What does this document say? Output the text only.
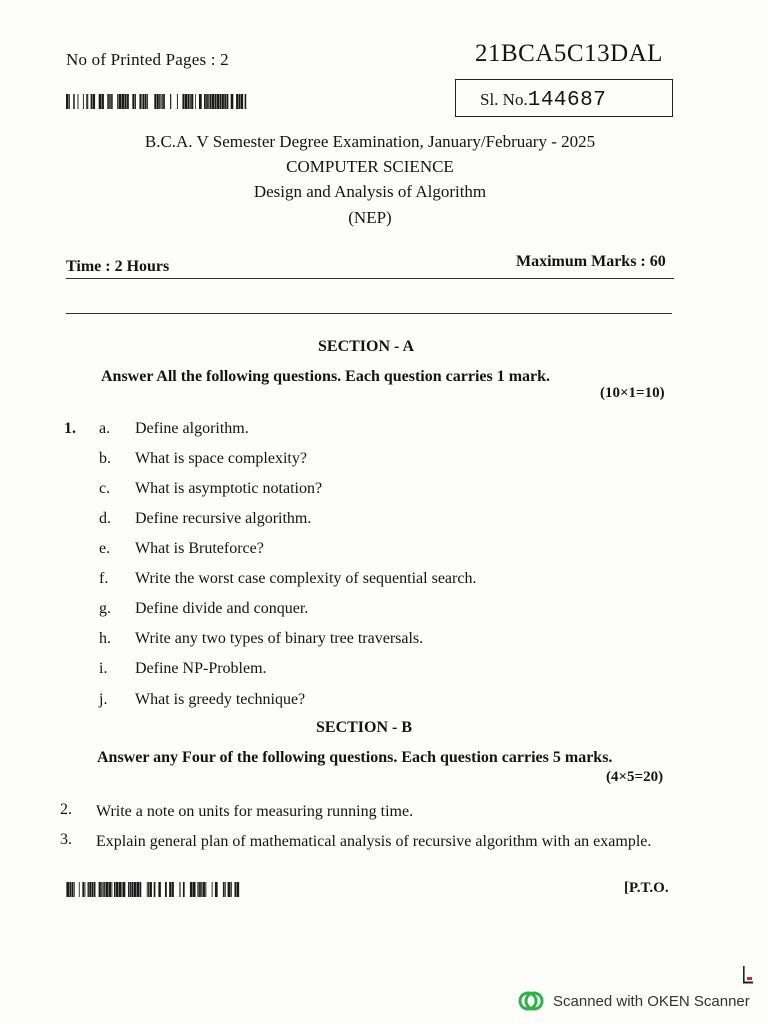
No of Printed Pages : 2	21BCA5C13DAL
Sl. No.144687
B.C.A. V Semester Degree Examination, January/February - 2025
COMPUTER SCIENCE
Design and Analysis of Algorithm
(NEP)
Time : 2 Hours	Maximum Marks : 60
SECTION - A
Answer All the following questions. Each question carries 1 mark.
(10×1=10)
1. a. Define algorithm.
b. What is space complexity?
c. What is asymptotic notation?
d. Define recursive algorithm.
e. What is Bruteforce?
f. Write the worst case complexity of sequential search.
g. Define divide and conquer.
h. Write any two types of binary tree traversals.
i. Define NP-Problem.
j. What is greedy technique?
SECTION - B
Answer any Four of the following questions. Each question carries 5 marks.
(4×5=20)
2. Write a note on units for measuring running time.
3. Explain general plan of mathematical analysis of recursive algorithm with an example.
[P.T.O.
Scanned with OKEN Scanner
